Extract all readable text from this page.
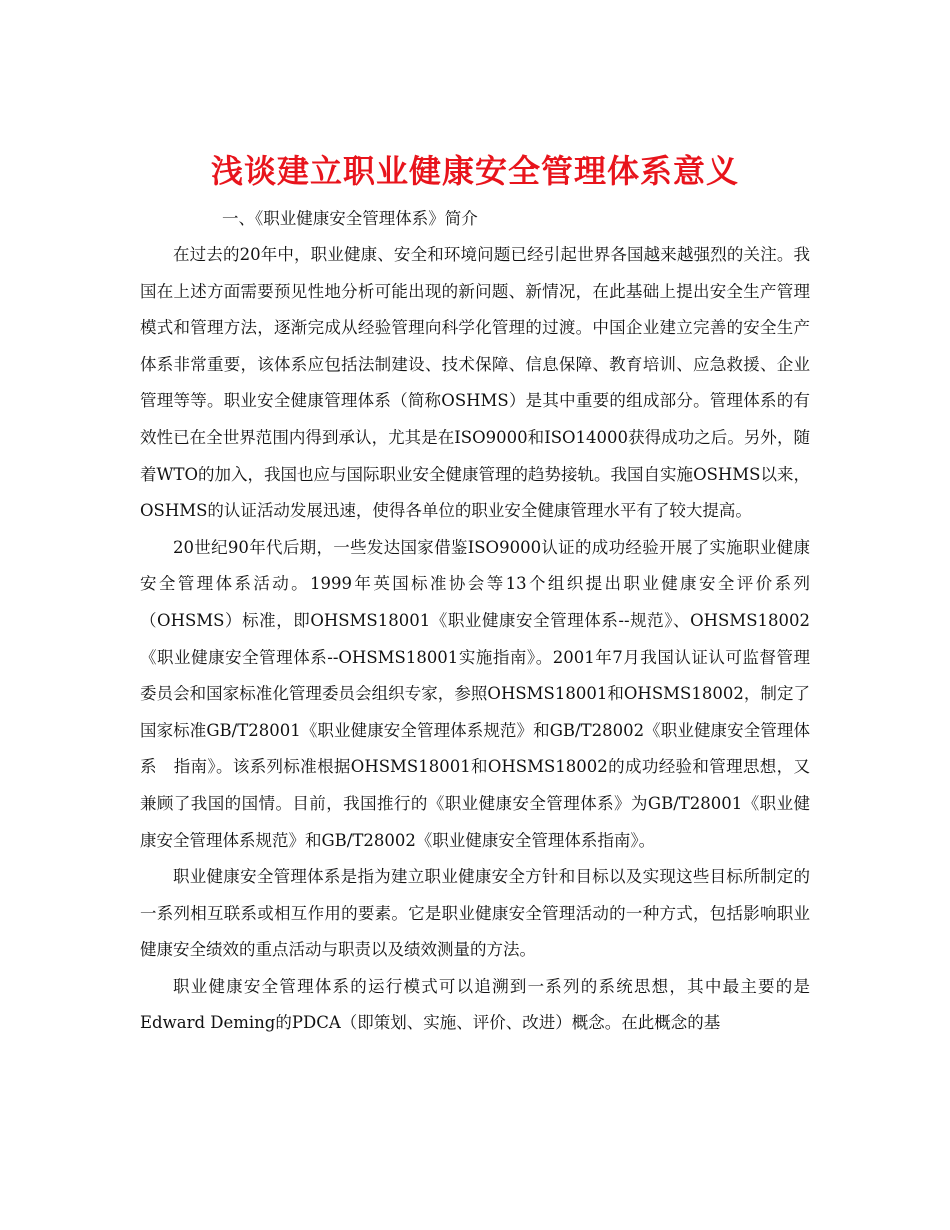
浅谈建立职业健康安全管理体系意义

一、《职业健康安全管理体系》简介

在过去的20年中，职业健康、安全和环境问题已经引起世界各国越来越强烈的关注。我国在上述方面需要预见性地分析可能出现的新问题、新情况，在此基础上提出安全生产管理模式和管理方法，逐渐完成从经验管理向科学化管理的过渡。中国企业建立完善的安全生产体系非常重要，该体系应包括法制建设、技术保障、信息保障、教育培训、应急救援、企业管理等等。职业安全健康管理体系（简称OSHMS）是其中重要的组成部分。管理体系的有效性已在全世界范围内得到承认，尤其是在ISO9000和ISO14000获得成功之后。另外，随着WTO的加入，我国也应与国际职业安全健康管理的趋势接轨。我国自实施OSHMS以来，OSHMS的认证活动发展迅速，使得各单位的职业安全健康管理水平有了较大提高。

20世纪90年代后期，一些发达国家借鉴ISO9000认证的成功经验开展了实施职业健康安全管理体系活动。1999年英国标准协会等13个组织提出职业健康安全评价系列（OHSMS）标准，即OHSMS18001《职业健康安全管理体系--规范》、OHSMS18002《职业健康安全管理体系--OHSMS18001实施指南》。2001年7月我国认证认可监督管理委员会和国家标准化管理委员会组织专家，参照OHSMS18001和OHSMS18002，制定了国家标准GB/T28001《职业健康安全管理体系规范》和GB/T28002《职业健康安全管理体系　指南》。该系列标准根据OHSMS18001和OHSMS18002的成功经验和管理思想，又兼顾了我国的国情。目前，我国推行的《职业健康安全管理体系》为GB/T28001《职业健康安全管理体系规范》和GB/T28002《职业健康安全管理体系指南》。

职业健康安全管理体系是指为建立职业健康安全方针和目标以及实现这些目标所制定的一系列相互联系或相互作用的要素。它是职业健康安全管理活动的一种方式，包括影响职业健康安全绩效的重点活动与职责以及绩效测量的方法。

职业健康安全管理体系的运行模式可以追溯到一系列的系统思想，其中最主要的是Edward Deming的PDCA（即策划、实施、评价、改进）概念。在此概念的基
